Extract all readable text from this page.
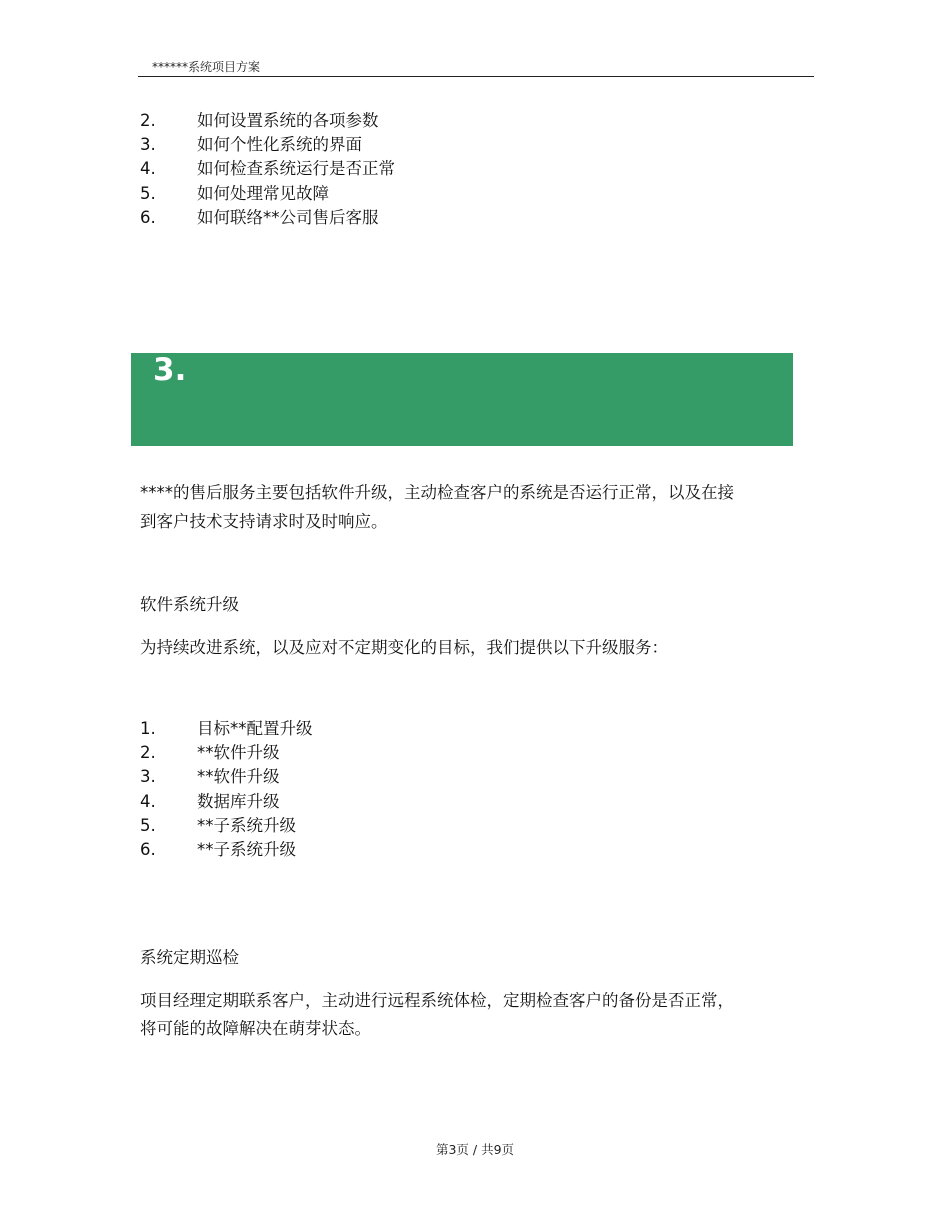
******系统项目方案
2.	如何设置系统的各项参数
3.	如何个性化系统的界面
4.	如何检查系统运行是否正常
5.	如何处理常见故障
6.	如何联络**公司售后客服
3.

****的售后服务主要包括软件升级，主动检查客户的系统是否运行正常，以及在接

到客户技术支持请求时及时响应。

软件系统升级

为持续改进系统，以及应对不定期变化的目标，我们提供以下升级服务：

1.	目标**配置升级
2.	**软件升级
3.	**软件升级
4.	数据库升级
5.	**子系统升级
6.	**子系统升级

系统定期巡检

项目经理定期联系客户，主动进行远程系统体检，定期检查客户的备份是否正常，

将可能的故障解决在萌芽状态。

第3页 / 共9页
